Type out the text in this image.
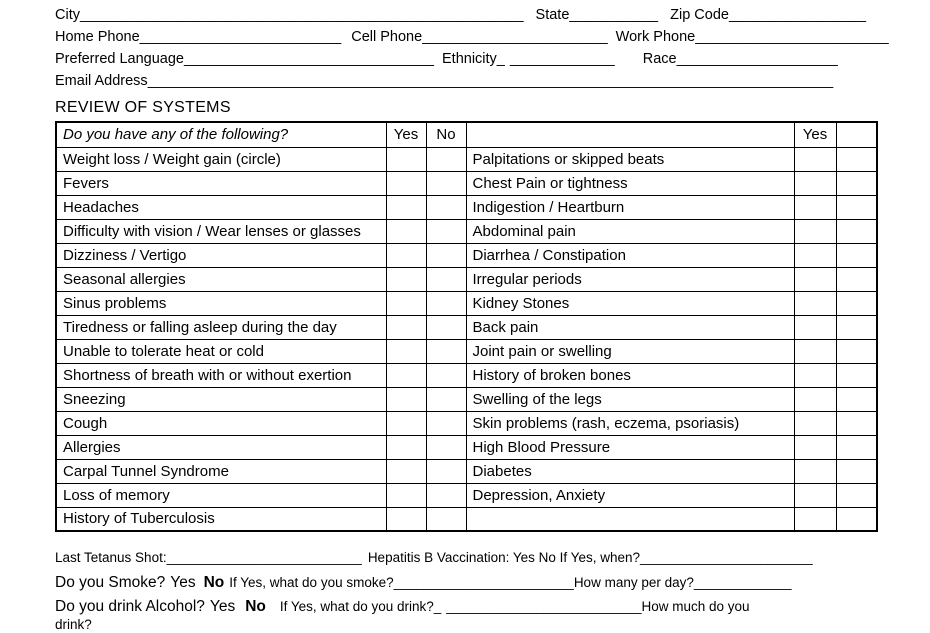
City_______________________________________________________ State___________ Zip Code_________________
Home Phone_________________________ Cell Phone_______________________ Work Phone________________________
Preferred Language_______________________________ Ethnicity_ _____________ Race____________________
Email Address_____________________________________________________________________________________
REVIEW OF SYSTEMS
Do you have any of the following?	Yes	No		Yes	
Weight loss / Weight gain (circle)			Palpitations or skipped beats		
Fevers			Chest Pain or tightness		
Headaches			Indigestion / Heartburn		
Difficulty with vision / Wear lenses or glasses			Abdominal pain		
Dizziness / Vertigo			Diarrhea / Constipation		
Seasonal allergies			Irregular periods		
Sinus problems			Kidney Stones		
Tiredness or falling asleep during the day			Back pain		
Unable to tolerate heat or cold			Joint pain or swelling		
Shortness of breath with or without exertion			History of broken bones		
Sneezing			Swelling of the legs		
Cough			Skin problems (rash, eczema, psoriasis)		
Allergies			High Blood Pressure		
Carpal Tunnel Syndrome			Diabetes		
Loss of memory			Depression, Anxiety		
History of Tuberculosis					
Last Tetanus Shot:__________________________ Hepatitis B Vaccination: Yes No If Yes, when?_______________________
Do you Smoke? Yes No If Yes, what do you smoke?________________________How many per day?_____________
Do you drink Alcohol? Yes No If Yes, what do you drink?_ __________________________How much do you
drink?
